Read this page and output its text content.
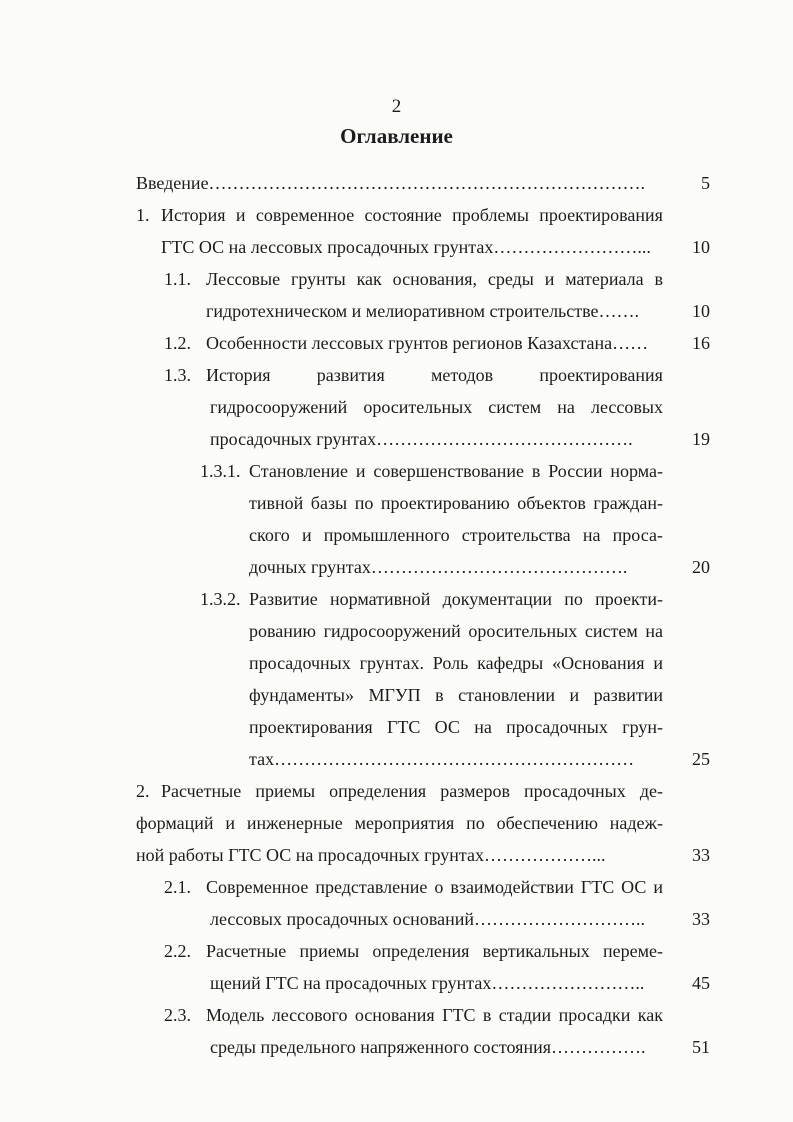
2
Оглавление
Введение……………………………………………………………….	5
1. История и современное состояние проблемы проектирования
ГТС ОС на лессовых просадочных грунтах……………………...	10
1.1. Лессовые грунты как основания, среды и материала в
гидротехническом и мелиоративном строительстве…….	10
1.2. Особенности лессовых грунтов регионов Казахстана……	16
1.3. История	развития	методов	проектирования
гидросооружений оросительных систем на лессовых
просадочных грунтах…………………………………….	19
1.3.1. Становление и совершенствование в России норма-
тивной базы по проектированию объектов граждан-
ского и промышленного строительства на проса-
дочных грунтах…………………………………….	20
1.3.2. Развитие нормативной документации по проекти-
рованию гидросооружений оросительных систем на
просадочных грунтах. Роль кафедры «Основания и
фундаменты» МГУП в становлении и развитии
проектирования ГТС ОС на просадочных грун-
тах……………………………………………………	25
2. Расчетные приемы определения размеров просадочных де-
формаций и инженерные мероприятия по обеспечению надеж-
ной работы ГТС ОС на просадочных грунтах………………...	33
2.1. Современное представление о взаимодействии ГТС ОС и
лессовых просадочных оснований………………………..	33
2.2. Расчетные приемы определения вертикальных переме-
щений ГТС на просадочных грунтах……………………..	45
2.3. Модель лессового основания ГТС в стадии просадки как
среды предельного напряженного состояния…………….	51
